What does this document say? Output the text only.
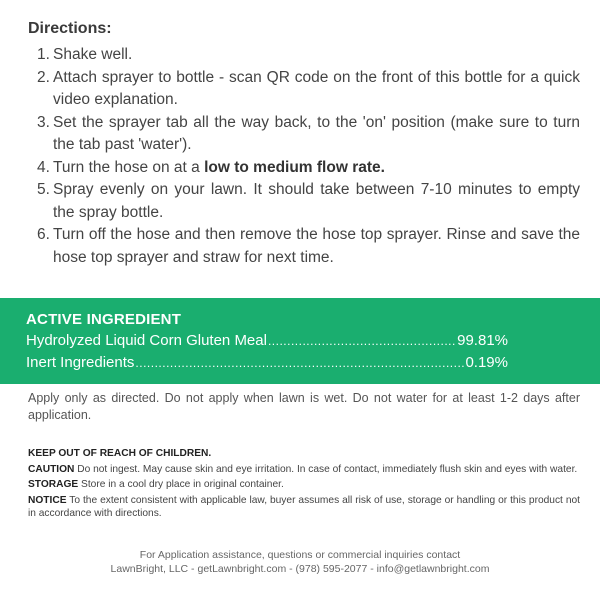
Directions:
1. Shake well.
2. Attach sprayer to bottle - scan QR code on the front of this bottle for a quick video explanation.
3. Set the sprayer tab all the way back, to the 'on' position (make sure to turn the tab past 'water').
4. Turn the hose on at a low to medium flow rate.
5. Spray evenly on your lawn. It should take between 7-10 minutes to empty the spray bottle.
6. Turn off the hose and then remove the hose top sprayer. Rinse and save the hose top sprayer and straw for next time.
ACTIVE INGREDIENT
Hydrolyzed Liquid Corn Gluten Meal .....	99.81%
Inert Ingredients .....	0.19%

Apply only as directed. Do not apply when lawn is wet. Do not water for at least 1-2 days after application.

KEEP OUT OF REACH OF CHILDREN.

CAUTION Do not ingest. May cause skin and eye irritation. In case of contact, immediately flush skin and eyes with water.

STORAGE Store in a cool dry place in original container.

NOTICE To the extent consistent with applicable law, buyer assumes all risk of use, storage or handling or this product not in accordance with directions.

For Application assistance, questions or commercial inquiries contact
LawnBright, LLC - getLawnbright.com - (978) 595-2077 - info@getlawnbright.com
